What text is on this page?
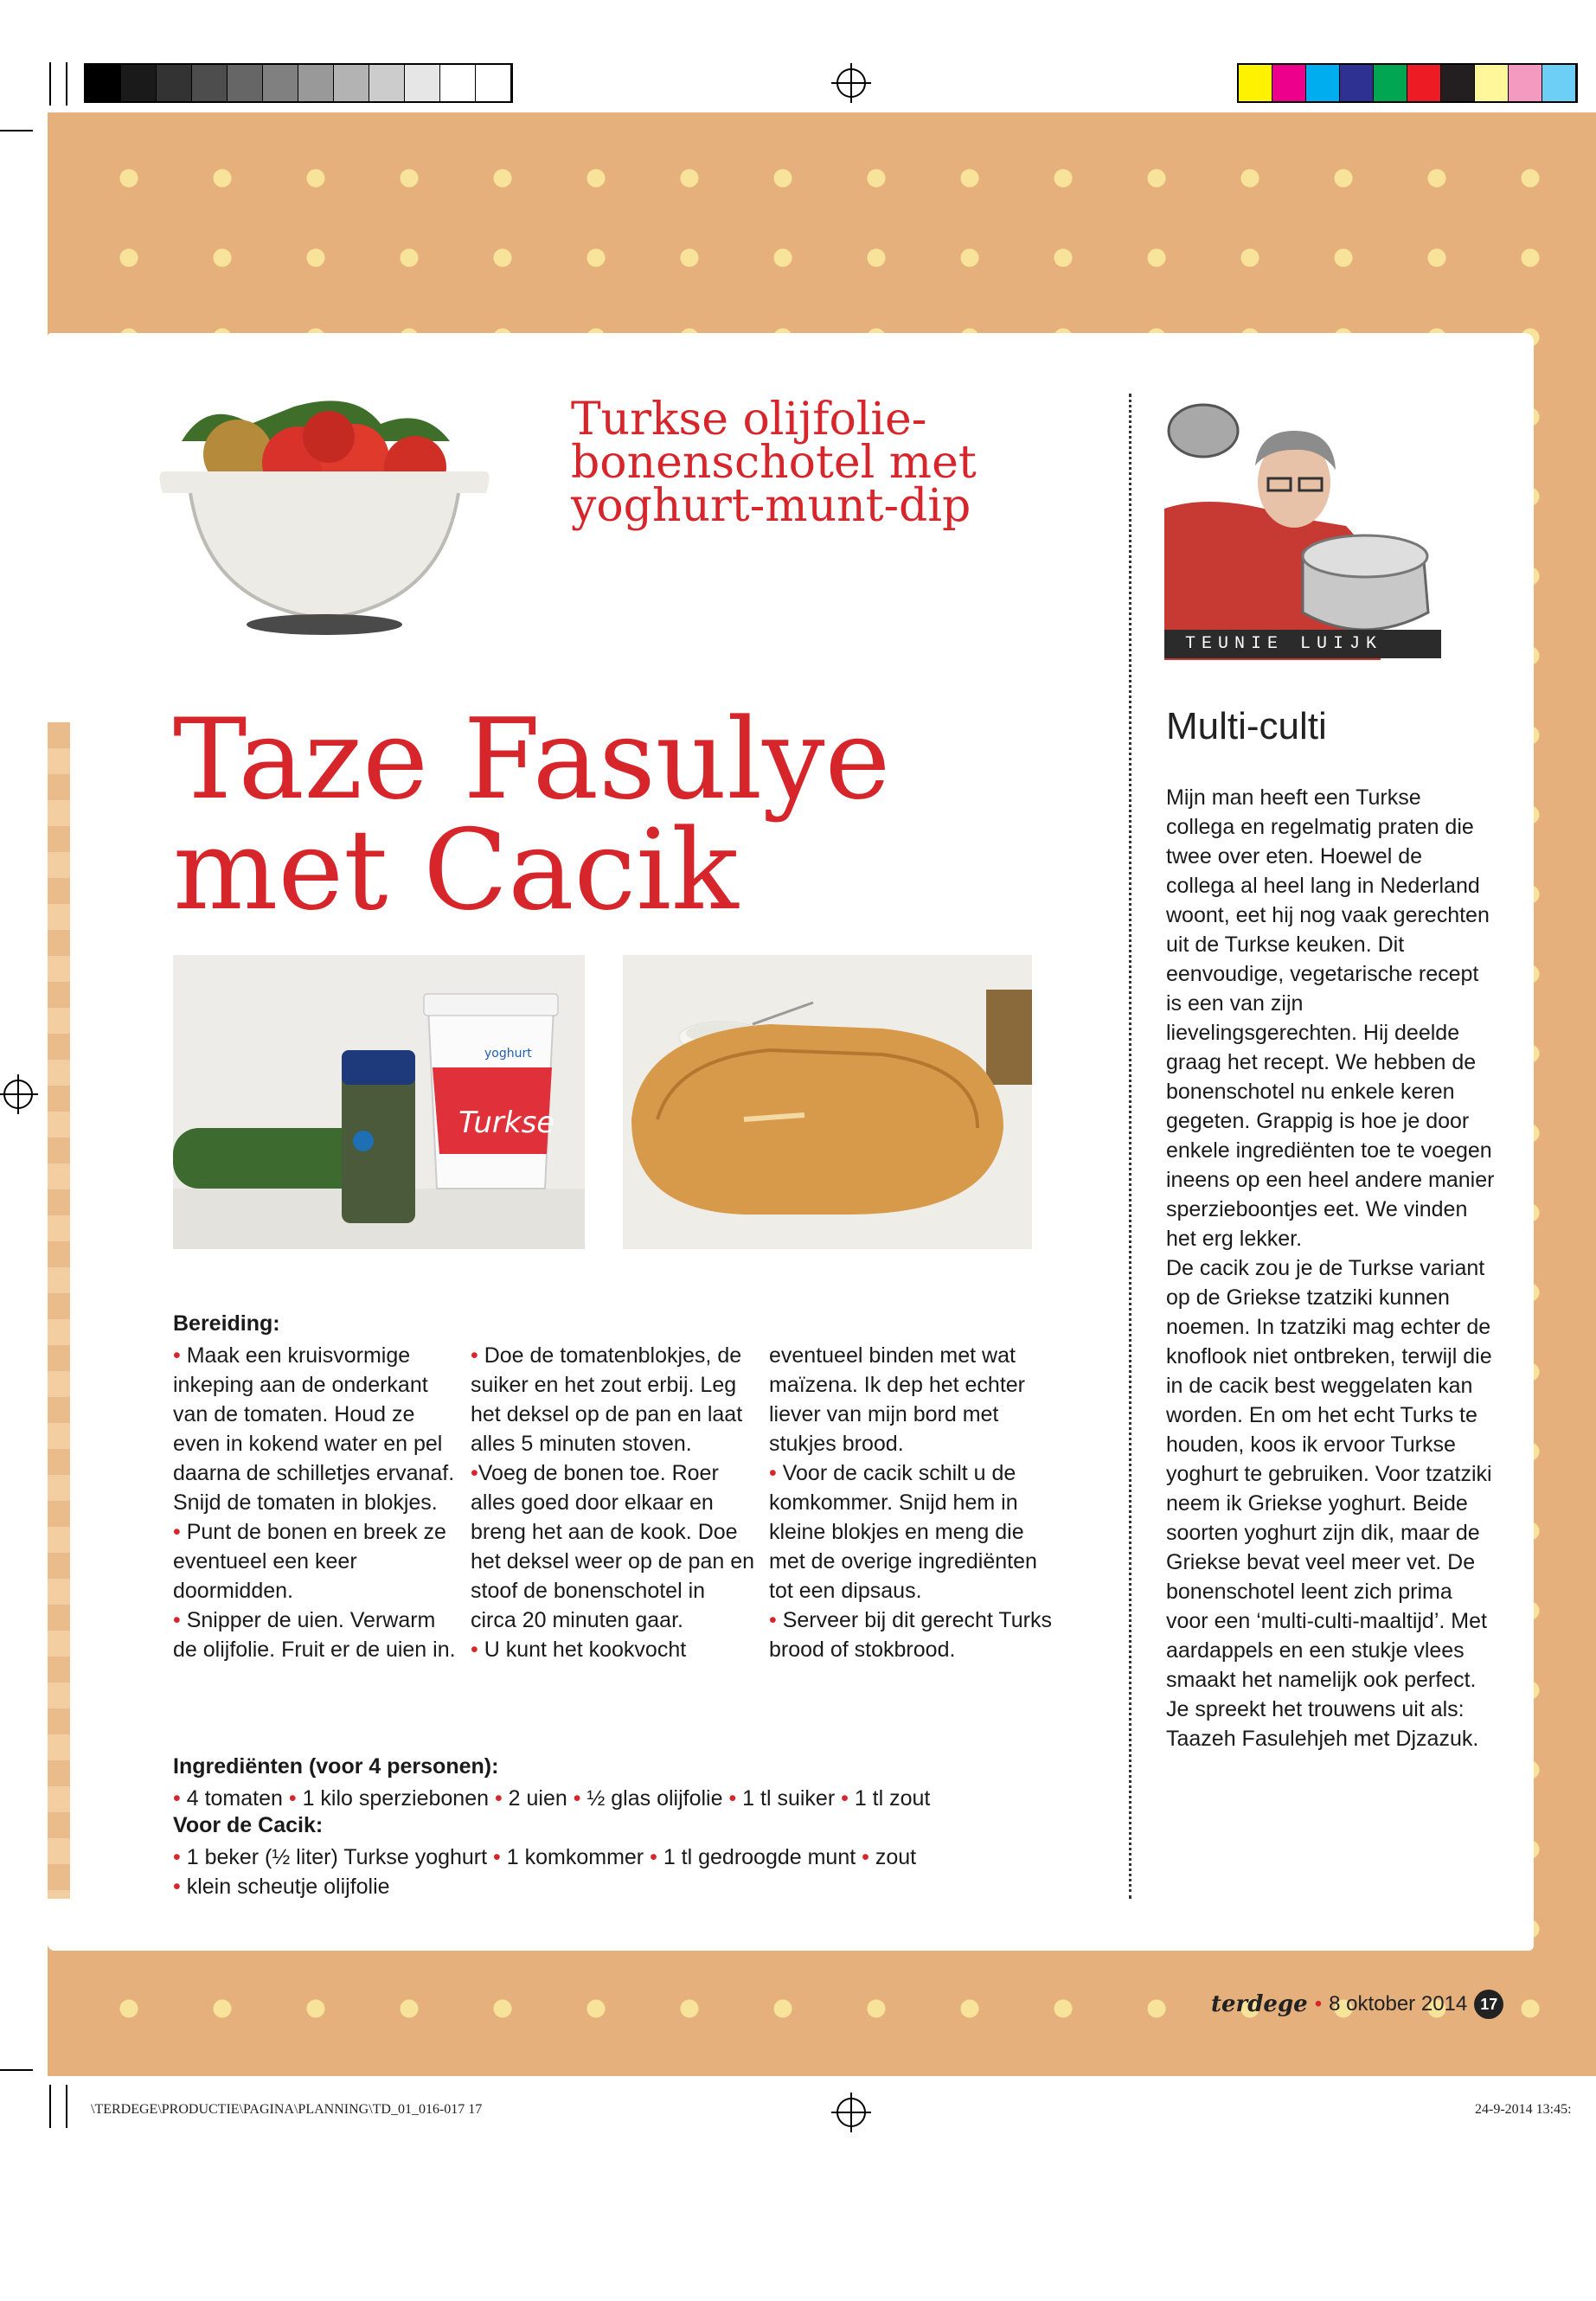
Turkse olijfolie-
bonenschotel met
yoghurt-munt-dip
TEUNIE LUIJK
Taze Fasulye
met Cacik
Turkse
yoghurt
Multi-culti

Mijn man heeft een Turkse collega en regelmatig praten die twee over eten. Hoewel de collega al heel lang in Nederland woont, eet hij nog vaak gerechten uit de Turkse keuken. Dit eenvoudige, vegetarische recept is een van zijn lievelingsgerechten. Hij deelde graag het recept. We hebben de bonenschotel nu enkele keren gegeten. Grappig is hoe je door enkele ingrediënten toe te voegen ineens op een heel andere manier sperzieboontjes eet. We vinden het erg lekker.

De cacik zou je de Turkse variant op de Griekse tzatziki kunnen noemen. In tzatziki mag echter de knoflook niet ontbreken, terwijl die in de cacik best weggelaten kan worden. En om het echt Turks te houden, koos ik ervoor Turkse yoghurt te gebruiken. Voor tzatziki neem ik Griekse yoghurt. Beide soorten yoghurt zijn dik, maar de Griekse bevat veel meer vet. De bonenschotel leent zich prima voor een ‘multi-culti-maaltijd’. Met aardappels en een stukje vlees smaakt het namelijk ook perfect.

Je spreekt het trouwens uit als: Taazeh Fasulehjeh met Djzazuk.

Bereiding:

• Maak een kruisvormige inkeping aan de onderkant van de tomaten. Houd ze even in kokend water en pel daarna de schilletjes ervanaf. Snijd de tomaten in blokjes.

• Punt de bonen en breek ze eventueel een keer doormidden.

• Snipper de uien. Verwarm de olijfolie. Fruit er de uien in.

• Doe de tomatenblokjes, de suiker en het zout erbij. Leg het deksel op de pan en laat alles 5 minuten stoven.

•Voeg de bonen toe. Roer alles goed door elkaar en breng het aan de kook. Doe het deksel weer op de pan en stoof de bonenschotel in circa 20 minuten gaar.

• U kunt het kookvocht

eventueel binden met wat maïzena. Ik dep het echter liever van mijn bord met stukjes brood.

• Voor de cacik schilt u de komkommer. Snijd hem in kleine blokjes en meng die met de overige ingrediënten tot een dipsaus.

• Serveer bij dit gerecht Turks brood of stokbrood.

Ingrediënten (voor 4 personen):
• 4 tomaten • 1 kilo sperziebonen • 2 uien • ½ glas olijfolie • 1 tl suiker • 1 tl zout
Voor de Cacik:
• 1 beker (½ liter) Turkse yoghurt • 1 komkommer • 1 tl gedroogde munt • zout
• klein scheutje olijfolie
terdege • 8 oktober 2014 17
\TERDEGE\PRODUCTIE\PAGINA\PLANNING\TD_01_016-017 17	24-9-2014 13:45:
